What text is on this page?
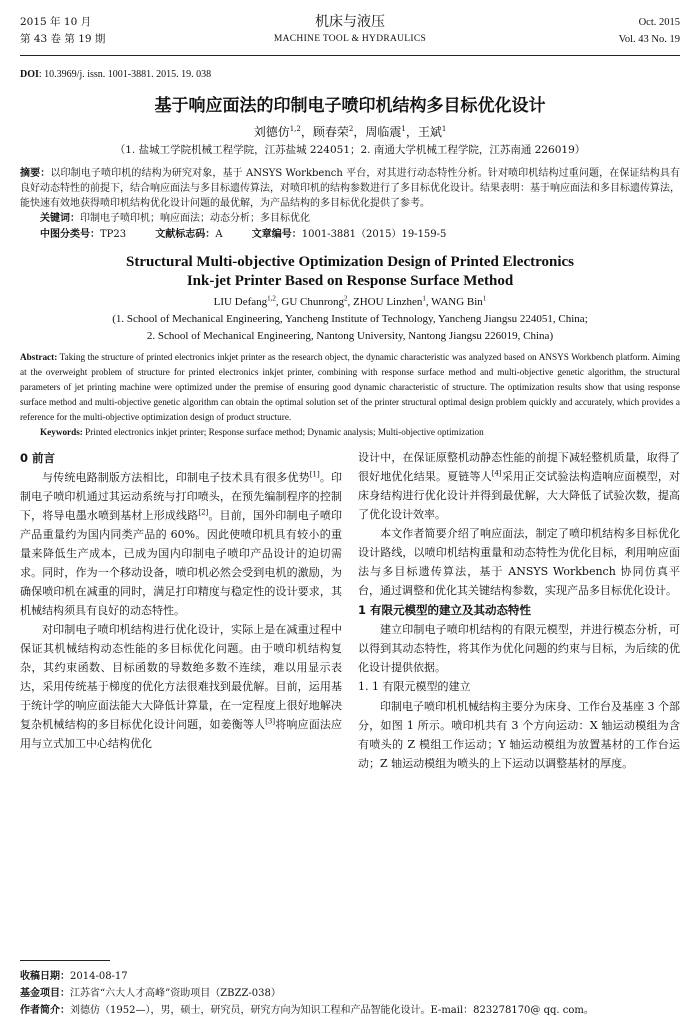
2015 年 10 月
第 43 卷 第 19 期
机床与液压
MACHINE TOOL & HYDRAULICS
Oct. 2015
Vol. 43 No. 19
DOI: 10.3969/j. issn. 1001-3881. 2015. 19. 038
基于响应面法的印制电子喷印机结构多目标优化设计
刘德仿$^{1,2}$，顾春荣$^2$，周临震$^1$，王斌$^1$
（1. 盐城工学院机械工程学院，江苏盐城 224051；2. 南通大学机械工程学院，江苏南通 226019）
摘要：以印制电子喷印机的结构为研究对象，基于 ANSYS Workbench 平台，对其进行动态特性分析。针对喷印机结构过重问题，在保证结构具有良好动态特性的前提下，结合响应面法与多目标遗传算法，对喷印机的结构参数进行了多目标优化设计。结果表明：基于响应面法和多目标遗传算法，能快速有效地获得喷印机结构优化设计问题的最优解，为产品结构的多目标优化提供了参考。
关键词：印制电子喷印机；响应面法；动态分析；多目标优化
中图分类号：TP23	文献标志码：A	文章编号：1001-3881（2015）19-159-5
Structural Multi-objective Optimization Design of Printed Electronics
Ink-jet Printer Based on Response Surface Method
LIU Defang$^{1,2}$, GU Chunrong$^2$, ZHOU Linzhen$^1$, WANG Bin$^1$
(1. School of Mechanical Engineering, Yancheng Institute of Technology, Yancheng Jiangsu 224051, China;
2. School of Mechanical Engineering, Nantong University, Nantong Jiangsu 226019, China)
Abstract: Taking the structure of printed electronics inkjet printer as the research object, the dynamic characteristic was analyzed based on ANSYS Workbench platform. Aiming at the overweight problem of structure for printed electronics inkjet printer, combining with response surface method and multi-objective genetic algorithm, the structural parameters of jet printing machine were optimized under the premise of ensuring good dynamic characteristic of structure. The optimization results show that using response surface method and multi-objective genetic algorithm can obtain the optimal solution set of the printer structural optimal design problem quickly and accurately, which provides a reference for the multi-objective optimization design of product structure.
Keywords: Printed electronics inkjet printer; Response surface method; Dynamic analysis; Multi-objective optimization
0 前言

与传统电路制版方法相比，印制电子技术具有很多优势[1]。印制电子喷印机通过其运动系统与打印喷头，在预先编制程序的控制下，将导电墨水喷到基材上形成线路[2]。目前，国外印制电子喷印产品重量约为国内同类产品的 60%。因此使喷印机具有较小的重量来降低生产成本，已成为国内印制电子喷印产品设计的迫切需求。同时，作为一个移动设备，喷印机必然会受到电机的激励，为确保喷印机在减重的同时，满足打印精度与稳定性的设计要求，其机械结构须具有良好的动态特性。

对印制电子喷印机结构进行优化设计，实际上是在减重过程中保证其机械结构动态性能的多目标优化问题。由于喷印机结构复杂，其约束函数、目标函数的导数绝多数不连续，难以用显示表达，采用传统基于梯度的优化方法很难找到最优解。目前，运用基于统计学的响应面法能大大降低计算量，在一定程度上很好地解决复杂机械结构的多目标优化设计问题，如姜衡等人[3]将响应面法应用与立式加工中心结构优化

设计中，在保证原整机动静态性能的前提下减轻整机质量，取得了很好地优化结果。夏链等人[4]采用正交试验法构造响应面模型，对床身结构进行优化设计并得到最优解，大大降低了试验次数，提高了优化设计效率。

本文作者简要介绍了响应面法，制定了喷印机结构多目标优化设计路线，以喷印机结构重量和动态特性为优化目标，利用响应面法与多目标遗传算法，基于 ANSYS Workbench 协同仿真平台，通过调整和优化其关键结构参数，实现产品多目标优化设计。

1 有限元模型的建立及其动态特性

建立印制电子喷印机结构的有限元模型，并进行模态分析，可以得到其动态特性，将其作为优化问题的约束与目标，为后续的优化设计提供依据。

1. 1 有限元模型的建立

印制电子喷印机机械结构主要分为床身、工作台及基座 3 个部分，如图 1 所示。喷印机共有 3 个方向运动：X 轴运动模组为含有喷头的 Z 模组工作运动；Y 轴运动模组为放置基材的工作台运动；Z 轴运动模组为喷头的上下运动以调整基材的厚度。

收稿日期：2014-08-17
基金项目：江苏省“六大人才高峰”资助项目（ZBZZ-038）
作者简介：刘德仿（1952—），男，硕士，研究员，研究方向为知识工程和产品智能化设计。E-mail：823278170@ qq. com。
